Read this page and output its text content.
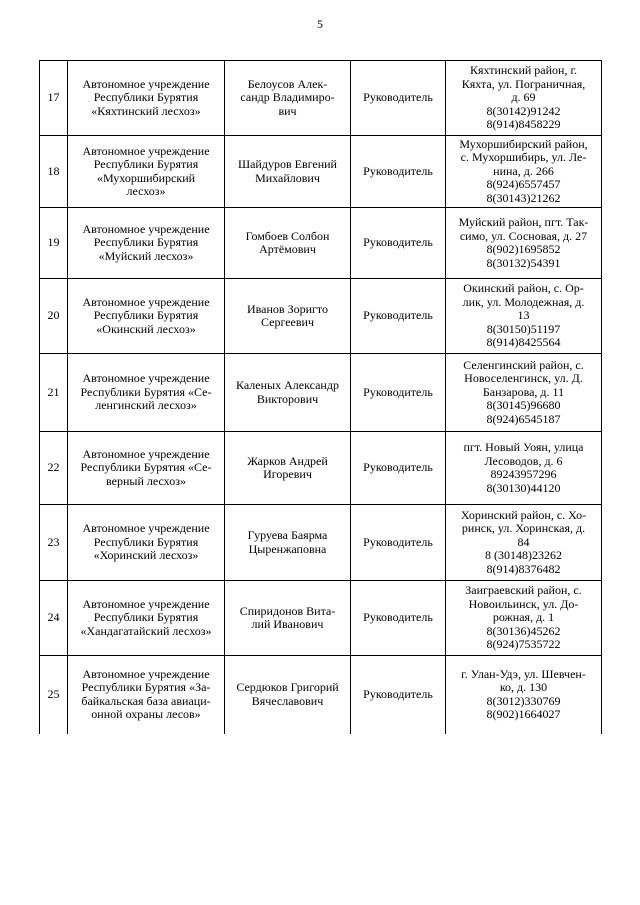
5
17	Автономное учреждение
Республики Бурятия
«Кяхтинский лесхоз»	Белоусов Алек-
сандр Владимиро-
вич	Руководитель	Кяхтинский район, г.
Кяхта, ул. Пограничная,
д. 69
8(30142)91242
8(914)8458229

18	Автономное учреждение
Республики Бурятия
«Мухоршибирский
лесхоз»	Шайдуров Евгений
Михайлович	Руководитель	Мухоршибирский район,
с. Мухоршибирь, ул. Ле-
нина, д. 266
8(924)6557457
8(30143)21262

19	Автономное учреждение
Республики Бурятия
«Муйский лесхоз»	Гомбоев Солбон
Артёмович	Руководитель	Муйский район, пгт. Так-
симо, ул. Сосновая, д. 27
8(902)1695852
8(30132)54391

20	Автономное учреждение
Республики Бурятия
«Окинский лесхоз»	Иванов Зоригто
Сергеевич	Руководитель	Окинский район, с. Ор-
лик, ул. Молодежная, д.
13
8(30150)51197
8(914)8425564

21	Автономное учреждение
Республики Бурятия «Се-
ленгинский лесхоз»	Каленых Александр
Викторович	Руководитель	Селенгинский район, с.
Новоселенгинск, ул. Д.
Банзарова, д. 11
8(30145)96680
8(924)6545187

22	Автономное учреждение
Республики Бурятия «Се-
верный лесхоз»	Жарков Андрей
Игоревич	Руководитель	пгт. Новый Уоян, улица
Лесоводов, д. 6
89243957296
8(30130)44120

23	Автономное учреждение
Республики Бурятия
«Хоринский лесхоз»	Гуруева Баярма
Цыренжаповна	Руководитель	Хоринский район, с. Хо-
ринск, ул. Хоринская, д.
84
8 (30148)23262
8(914)8376482

24	Автономное учреждение
Республики Бурятия
«Хандагатайский лесхоз»	Спиридонов Вита-
лий Иванович	Руководитель	Заиграевский район, с.
Новоильинск, ул. До-
рожная, д. 1
8(30136)45262
8(924)7535722

25	Автономное учреждение
Республики Бурятия «За-
байкальская база авиаци-
онной охраны лесов»	Сердюков Григорий
Вячеславович	Руководитель	г. Улан-Удэ, ул. Шевчен-
ко, д. 130
8(3012)330769
8(902)1664027
